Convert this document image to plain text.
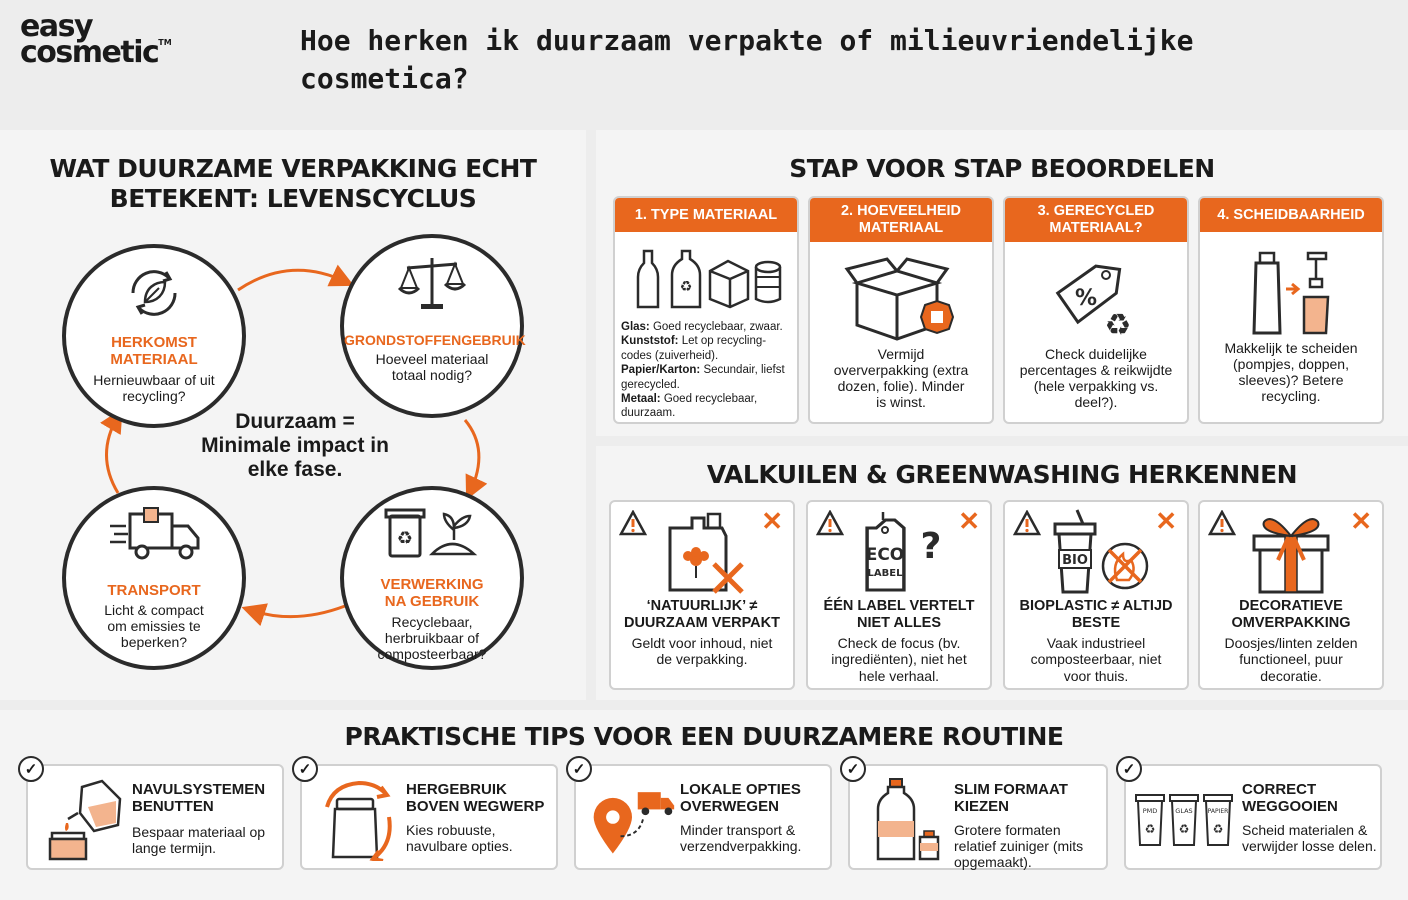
easy
cosmetic™	Hoe herken ik duurzaam verpakte of milieuvriendelijke cosmetica?
WAT DUURZAME VERPAKKING ECHT BETEKENT: LEVENSCYCLUS
HERKOMST MATERIAAL
Hernieuwbaar of uit recycling?
GRONDSTOFFENGEBRUIK
Hoeveel materiaal totaal nodig?
♻
VERWERKING NA GEBRUIK
Recyclebaar, herbruikbaar of composteerbaar?
TRANSPORT
Licht & compact om emissies te beperken?
Duurzaam = Minimale impact in elke fase.
STAP VOOR STAP BEOORDELEN
1. TYPE MATERIAAL
♻
Glas: Goed recyclebaar, zwaar.
Kunststof: Let op recycling-codes (zuiverheid).
Papier/Karton: Secundair, liefst gerecycled.
Metaal: Goed recyclebaar, duurzaam.
2. HOEVEELHEID MATERIAAL
Vermijd oververpakking (extra dozen, folie). Minder is winst.
3. GERECYCLED MATERIAAL?
%
♻
Check duidelijke percentages & reikwijdte (hele verpakking vs. deel?).
4. SCHEIDBAARHEID
Makkelijk te scheiden (pompjes, doppen, sleeves)? Betere recycling.
VALKUILEN & GREENWASHING HERKENNEN
✕
‘NATUURLIJK’ ≠ DUURZAAM VERPAKT
Geldt voor inhoud, niet de verpakking.
✕
ECO
LABEL
?
ÉÉN LABEL VERTELT NIET ALLES
Check de focus (bv. ingrediënten), niet het hele verhaal.
✕
BIO
BIOPLASTIC ≠ ALTIJD BESTE
Vaak industrieel composteerbaar, niet voor thuis.
✕
DECORATIEVE OMVERPAKKING
Doosjes/linten zelden functioneel, puur decoratie.
PRAKTISCHE TIPS VOOR EEN DUURZAMERE ROUTINE
✓
NAVULSYSTEMEN BENUTTEN
Bespaar materiaal op lange termijn.
✓
HERGEBRUIK BOVEN WEGWERP
Kies robuuste, navulbare opties.
✓
LOKALE OPTIES OVERWEGEN
Minder transport & verzendverpakking.
✓
SLIM FORMAAT KIEZEN
Grotere formaten relatief zuiniger (mits opgemaakt).
✓
PMD
♻
GLAS
♻
PAPIER
♻
CORRECT WEGGOOIEN
Scheid materialen & verwijder losse delen.
